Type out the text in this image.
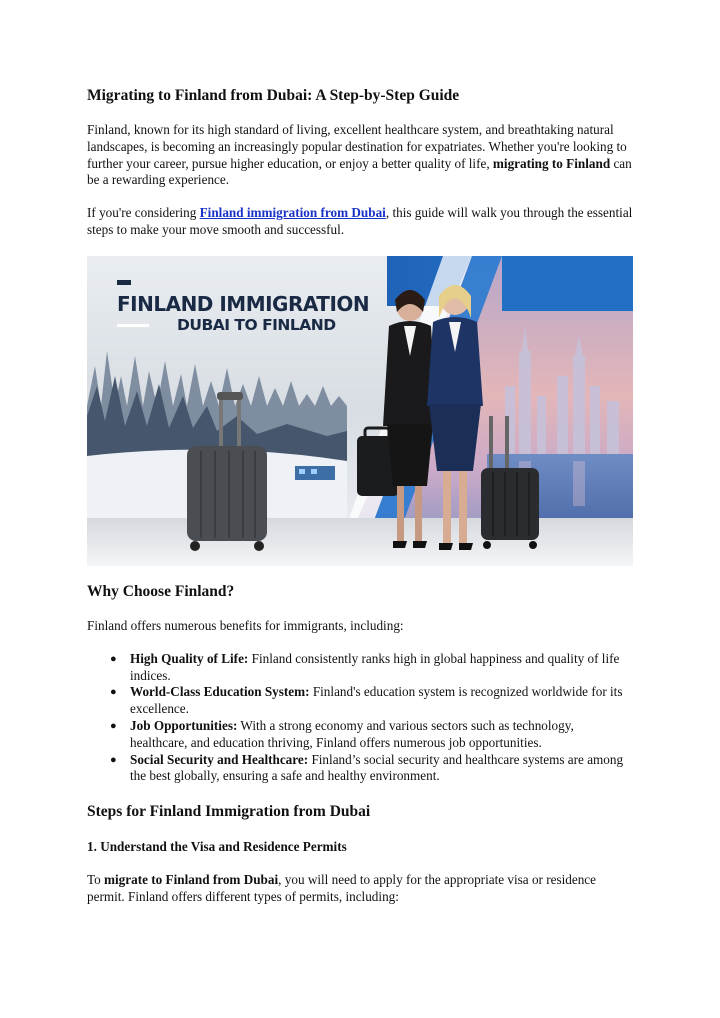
Migrating to Finland from Dubai: A Step-by-Step Guide

Finland, known for its high standard of living, excellent healthcare system, and breathtaking natural landscapes, is becoming an increasingly popular destination for expatriates. Whether you're looking to further your career, pursue higher education, or enjoy a better quality of life, migrating to Finland can be a rewarding experience.

If you're considering Finland immigration from Dubai, this guide will walk you through the essential steps to make your move smooth and successful.

FINLAND IMMIGRATION
DUBAI TO FINLAND
Why Choose Finland?

Finland offers numerous benefits for immigrants, including:

● High Quality of Life: Finland consistently ranks high in global happiness and quality of life indices.
● World-Class Education System: Finland's education system is recognized worldwide for its excellence.
● Job Opportunities: With a strong economy and various sectors such as technology, healthcare, and education thriving, Finland offers numerous job opportunities.
● Social Security and Healthcare: Finland’s social security and healthcare systems are among the best globally, ensuring a safe and healthy environment.
Steps for Finland Immigration from Dubai
1. Understand the Visa and Residence Permits

To migrate to Finland from Dubai, you will need to apply for the appropriate visa or residence permit. Finland offers different types of permits, including:
